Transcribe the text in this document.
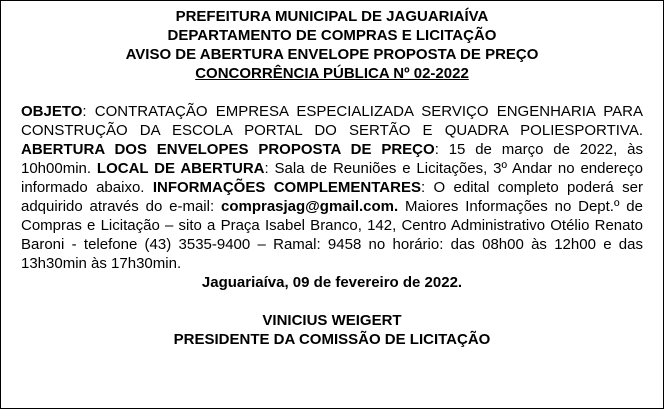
PREFEITURA MUNICIPAL DE JAGUARIAÍVA
DEPARTAMENTO DE COMPRAS E LICITAÇÃO
AVISO DE ABERTURA ENVELOPE PROPOSTA DE PREÇO
CONCORRÊNCIA PÚBLICA Nº 02-2022
OBJETO: CONTRATAÇÃO EMPRESA ESPECIALIZADA SERVIÇO ENGENHARIA PARA CONSTRUÇÃO DA ESCOLA PORTAL DO SERTÃO E QUADRA POLIESPORTIVA. ABERTURA DOS ENVELOPES PROPOSTA DE PREÇO: 15 de março de 2022, às 10h00min. LOCAL DE ABERTURA: Sala de Reuniões e Licitações, 3º Andar no endereço informado abaixo. INFORMAÇÕES COMPLEMENTARES: O edital completo poderá ser adquirido através do e-mail: comprasjag@gmail.com. Maiores Informações no Dept.º de Compras e Licitação – sito a Praça Isabel Branco, 142, Centro Administrativo Otélio Renato Baroni - telefone (43) 3535-9400 – Ramal: 9458 no horário: das 08h00 às 12h00 e das 13h30min às 17h30min.
Jaguariaíva, 09 de fevereiro de 2022.
VINICIUS WEIGERT
PRESIDENTE DA COMISSÃO DE LICITAÇÃO
